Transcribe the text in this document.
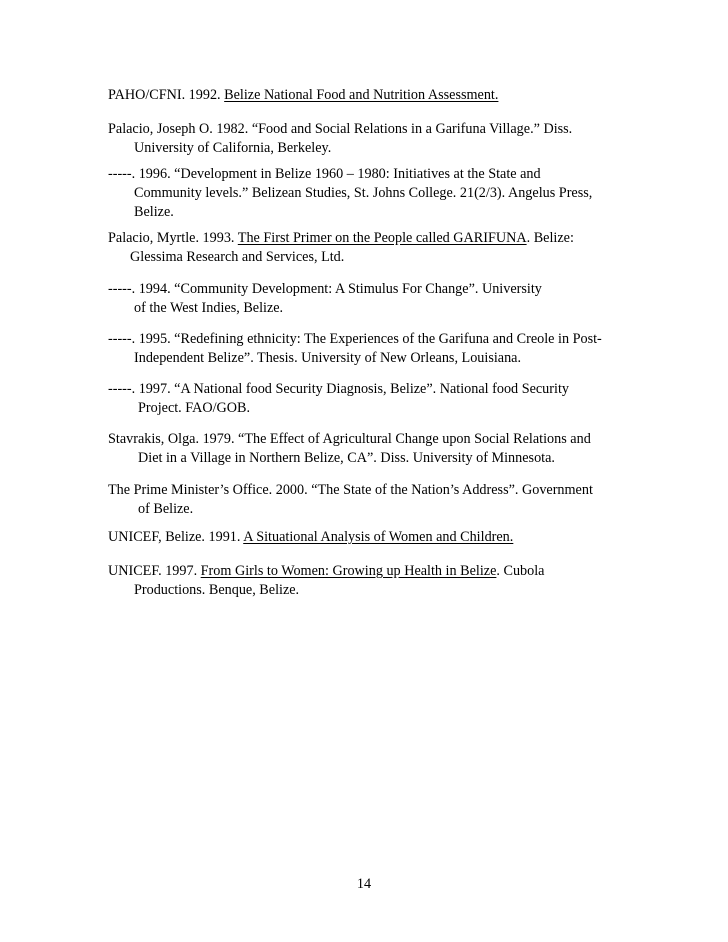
PAHO/CFNI. 1992. Belize National Food and Nutrition Assessment.
Palacio, Joseph O. 1982. “Food and Social Relations in a Garifuna Village.” Diss.
University of California, Berkeley.
-----. 1996. “Development in Belize 1960 – 1980: Initiatives at the State and
Community levels.” Belizean Studies, St. Johns College. 21(2/3). Angelus Press,
Belize.
Palacio, Myrtle. 1993. The First Primer on the People called GARIFUNA. Belize:
Glessima Research and Services, Ltd.
-----. 1994. “Community Development: A Stimulus For Change”. University
of the West Indies, Belize.
-----. 1995. “Redefining ethnicity: The Experiences of the Garifuna and Creole in Post-
Independent Belize”. Thesis. University of New Orleans, Louisiana.
-----. 1997. “A National food Security Diagnosis, Belize”. National food Security
Project. FAO/GOB.
Stavrakis, Olga. 1979. “The Effect of Agricultural Change upon Social Relations and
Diet in a Village in Northern Belize, CA”. Diss. University of Minnesota.
The Prime Minister’s Office. 2000. “The State of the Nation’s Address”. Government
of Belize.
UNICEF, Belize. 1991. A Situational Analysis of Women and Children.
UNICEF. 1997. From Girls to Women: Growing up Health in Belize. Cubola
Productions. Benque, Belize.
14
